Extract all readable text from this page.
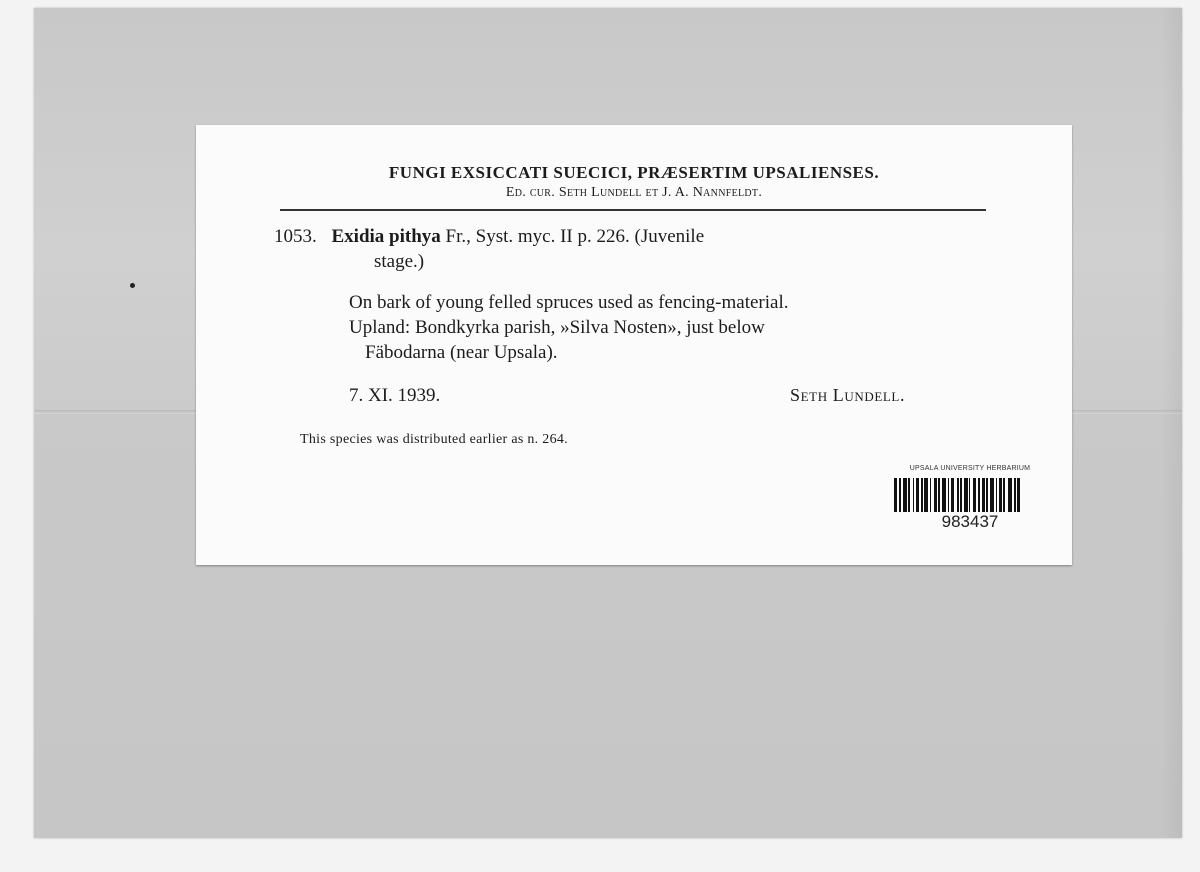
FUNGI EXSICCATI SUECICI, PRÆSERTIM UPSALIENSES.
Ed. cur. Seth Lundell et J. A. Nannfeldt.
1053. Exidia pithya Fr., Syst. myc. II p. 226. (Juvenile
stage.)
On bark of young felled spruces used as fencing-material.
Upland: Bondkyrka parish, »Silva Nosten», just below
Fäbodarna (near Upsala).
7. XI. 1939.	Seth Lundell.
This species was distributed earlier as n. 264.
UPSALA UNIVERSITY HERBARIUM
983437
